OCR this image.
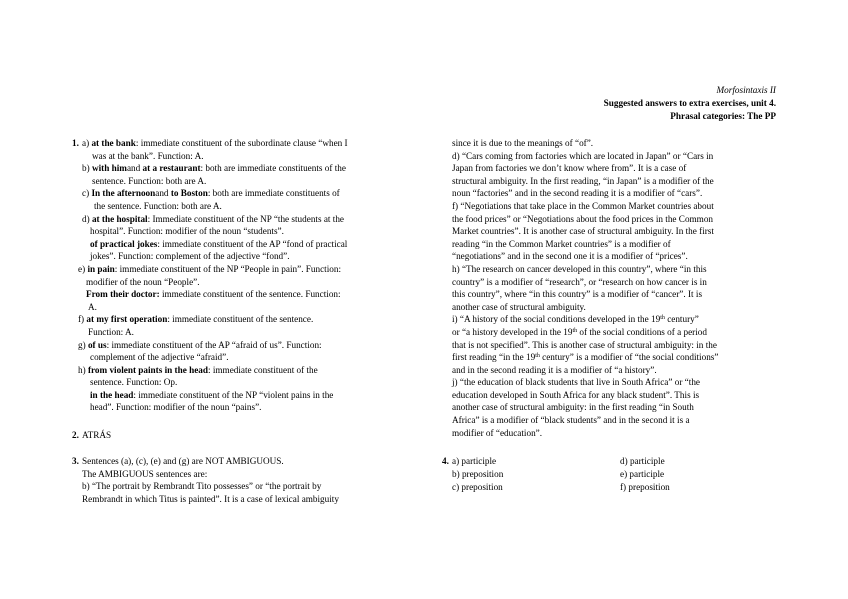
Morfosintaxis II
Suggested answers to extra exercises, unit 4.
Phrasal categories: The PP
1. a) at the bank: immediate constituent of the subordinate clause “when I
was at the bank”. Function: A.
b) with himand at a restaurant: both are immediate constituents of the
sentence. Function: both are A.
c) In the afternoonand to Boston: both are immediate constituents of
the sentence. Function: both are A.
d) at the hospital: Immediate constituent of the NP “the students at the
hospital”. Function: modifier of the noun “students”.
of practical jokes: immediate constituent of the AP “fond of practical
jokes”. Function: complement of the adjective “fond”.
e) in pain: immediate constituent of the NP “People in pain”. Function:
modifier of the noun “People”.
From their doctor: immediate constituent of the sentence. Function:
A.
f) at my first operation: immediate constituent of the sentence.
Function: A.
g) of us: immediate constituent of the AP “afraid of us”. Function:
complement of the adjective “afraid”.
h) from violent paints in the head: immediate constituent of the
sentence. Function: Op.
in the head: immediate constituent of the NP “violent pains in the
head”. Function: modifier of the noun “pains”.
2. ATRÁS
3. Sentences (a), (c), (e) and (g) are NOT AMBIGUOUS.
The AMBIGUOUS sentences are:
b) “The portrait by Rembrandt Tito possesses” or “the portrait by
Rembrandt in which Titus is painted”. It is a case of lexical ambiguity
since it is due to the meanings of “of”.
d) “Cars coming from factories which are located in Japan” or “Cars in
Japan from factories we don’t know where from”. It is a case of
structural ambiguity. In the first reading, “in Japan” is a modifier of the
noun “factories” and in the second reading it is a modifier of “cars”.
f) “Negotiations that take place in the Common Market countries about
the food prices” or “Negotiations about the food prices in the Common
Market countries”. It is another case of structural ambiguity. In the first
reading “in the Common Market countries” is a modifier of
“negotiations” and in the second one it is a modifier of “prices”.
h) “The research on cancer developed in this country”, where “in this
country” is a modifier of “research”, or “research on how cancer is in
this country”, where “in this country” is a modifier of “cancer”. It is
another case of structural ambiguity.
i) “A history of the social conditions developed in the 19th century”
or “a history developed in the 19th of the social conditions of a period
that is not specified”. This is another case of structural ambiguity: in the
first reading “in the 19th century” is a modifier of “the social conditions”
and in the second reading it is a modifier of “a history”.
j) “the education of black students that live in South Africa” or “the
education developed in South Africa for any black student”. This is
another case of structural ambiguity: in the first reading “in South
Africa” is a modifier of “black students” and in the second it is a
modifier of “education”.
4. a) participle
b) preposition
c) preposition
d) participle
e) participle
f) preposition
